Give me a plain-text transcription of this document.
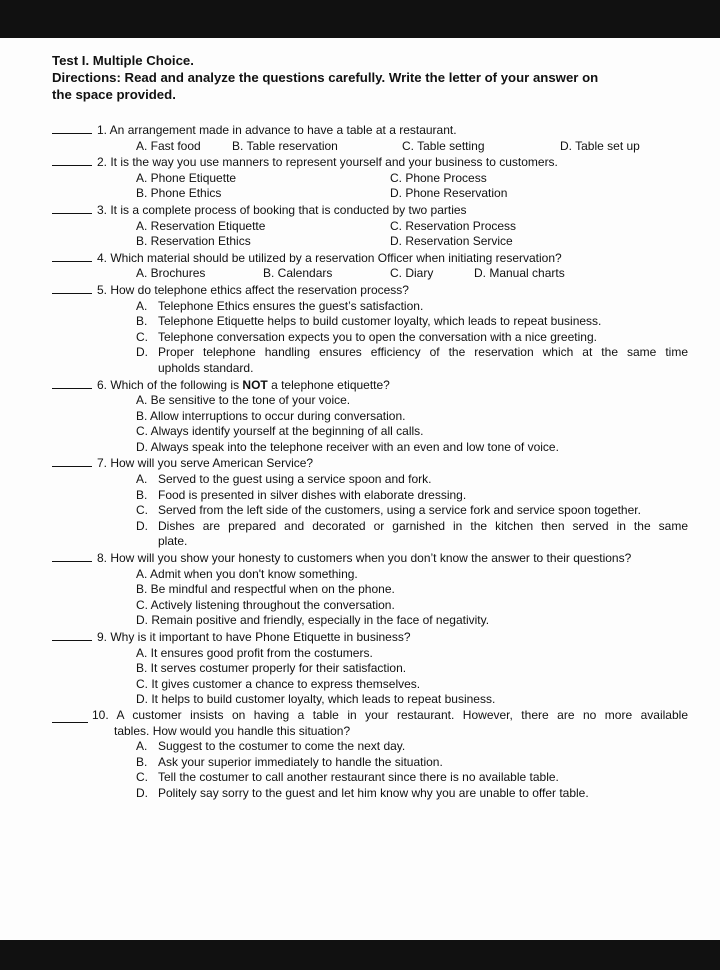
Test I. Multiple Choice.
Directions: Read and analyze the questions carefully. Write the letter of your answer on
the space provided.
1. An arrangement made in advance to have a table at a restaurant.
A. Fast food	B. Table reservation	C. Table setting	D. Table set up
2. It is the way you use manners to represent yourself and your business to customers.
A. Phone Etiquette	C. Phone Process
B. Phone Ethics	D. Phone Reservation
3. It is a complete process of booking that is conducted by two parties
A. Reservation Etiquette	C. Reservation Process
B. Reservation Ethics	D. Reservation Service
4. Which material should be utilized by a reservation Officer when initiating reservation?
A. Brochures	B. Calendars	C. Diary	D. Manual charts
5. How do telephone ethics affect the reservation process?
A. Telephone Ethics ensures the guest’s satisfaction.
B. Telephone Etiquette helps to build customer loyalty, which leads to repeat business.
C. Telephone conversation expects you to open the conversation with a nice greeting.
D. Proper telephone handling ensures efficiency of the reservation which at the same time
upholds standard.
6. Which of the following is NOT a telephone etiquette?
A. Be sensitive to the tone of your voice.
B. Allow interruptions to occur during conversation.
C. Always identify yourself at the beginning of all calls.
D. Always speak into the telephone receiver with an even and low tone of voice.
7. How will you serve American Service?
A. Served to the guest using a service spoon and fork.
B. Food is presented in silver dishes with elaborate dressing.
C. Served from the left side of the customers, using a service fork and service spoon together.
D. Dishes are prepared and decorated or garnished in the kitchen then served in the same
plate.
8. How will you show your honesty to customers when you don’t know the answer to their questions?
A. Admit when you don't know something.
B. Be mindful and respectful when on the phone.
C. Actively listening throughout the conversation.
D. Remain positive and friendly, especially in the face of negativity.
9. Why is it important to have Phone Etiquette in business?
A. It ensures good profit from the costumers.
B. It serves costumer properly for their satisfaction.
C. It gives customer a chance to express themselves.
D. It helps to build customer loyalty, which leads to repeat business.
10. A customer insists on having a table in your restaurant. However, there are no more available
tables. How would you handle this situation?
A. Suggest to the costumer to come the next day.
B. Ask your superior immediately to handle the situation.
C. Tell the costumer to call another restaurant since there is no available table.
D. Politely say sorry to the guest and let him know why you are unable to offer table.
